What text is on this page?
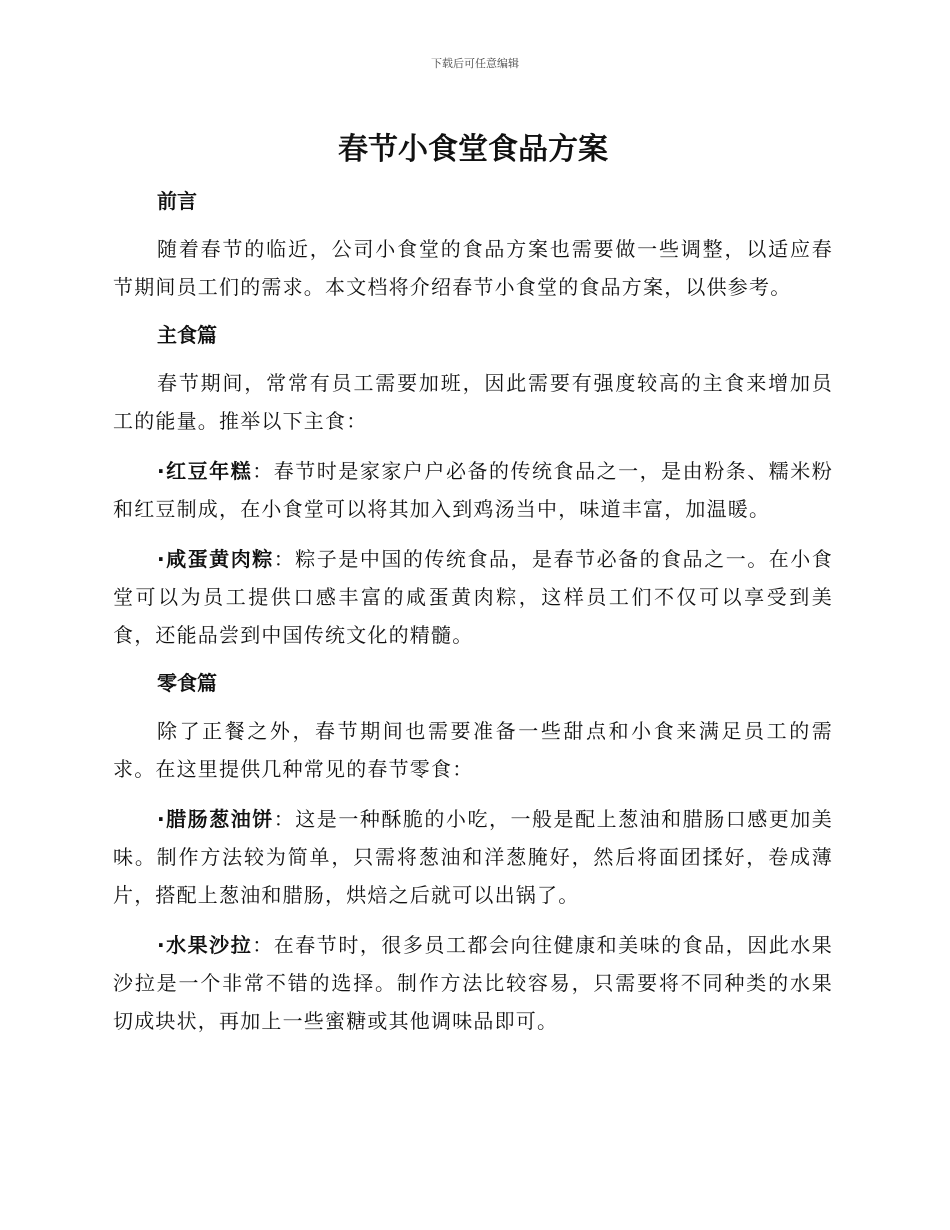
下载后可任意编辑
春节小食堂食品方案
前言

随着春节的临近，公司小食堂的食品方案也需要做一些调整，以适应春节期间员工们的需求。本文档将介绍春节小食堂的食品方案，以供参考。

主食篇

春节期间，常常有员工需要加班，因此需要有强度较高的主食来增加员工的能量。推举以下主食：

·红豆年糕：春节时是家家户户必备的传统食品之一，是由粉条、糯米粉和红豆制成，在小食堂可以将其加入到鸡汤当中，味道丰富，加温暖。

·咸蛋黄肉粽：粽子是中国的传统食品，是春节必备的食品之一。在小食堂可以为员工提供口感丰富的咸蛋黄肉粽，这样员工们不仅可以享受到美食，还能品尝到中国传统文化的精髓。

零食篇

除了正餐之外，春节期间也需要准备一些甜点和小食来满足员工的需求。在这里提供几种常见的春节零食：

·腊肠葱油饼：这是一种酥脆的小吃，一般是配上葱油和腊肠口感更加美味。制作方法较为简单，只需将葱油和洋葱腌好，然后将面团揉好，卷成薄片，搭配上葱油和腊肠，烘焙之后就可以出锅了。

·水果沙拉：在春节时，很多员工都会向往健康和美味的食品，因此水果沙拉是一个非常不错的选择。制作方法比较容易，只需要将不同种类的水果切成块状，再加上一些蜜糖或其他调味品即可。
